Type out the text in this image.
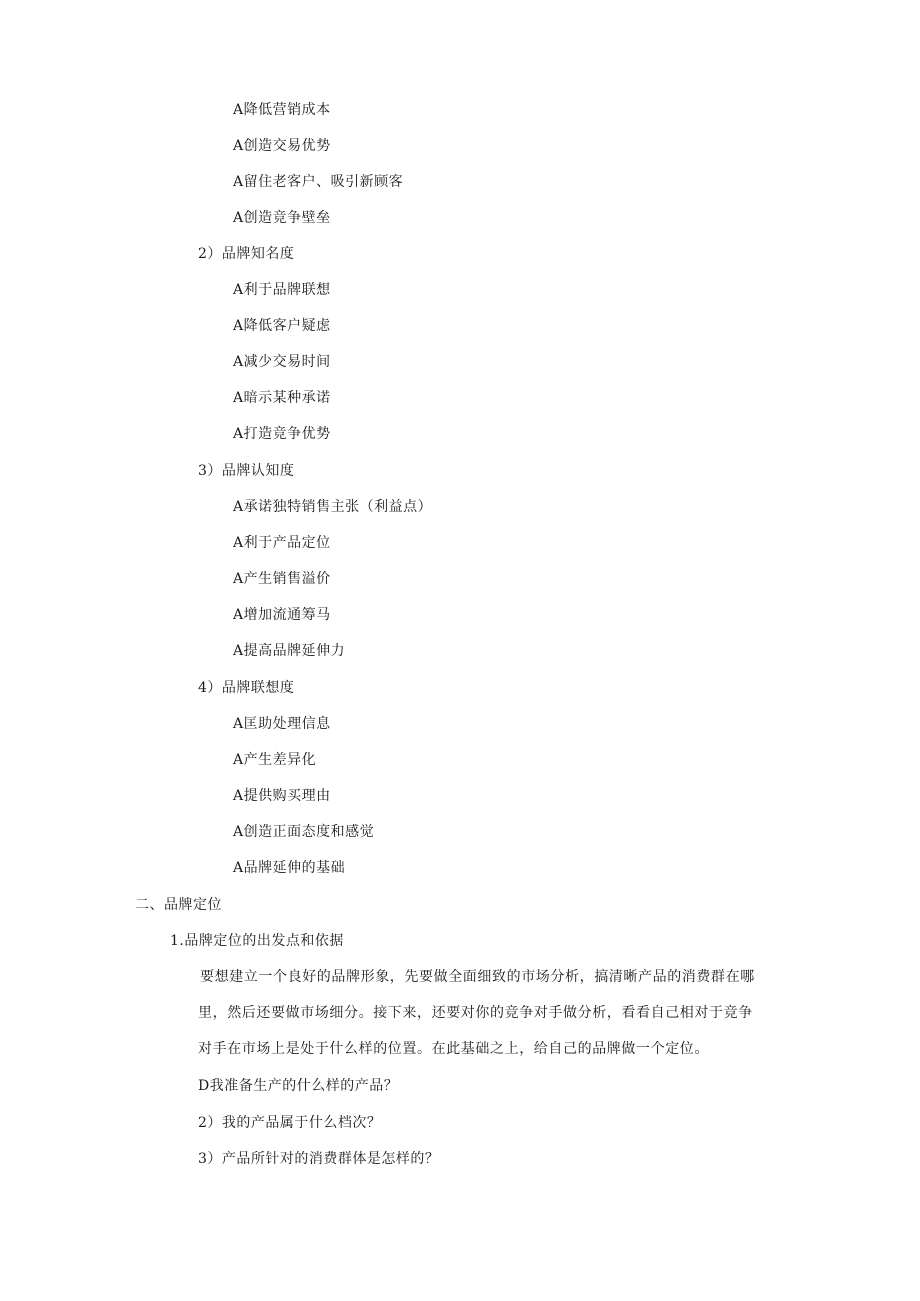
A降低营销成本
A创造交易优势
A留住老客户、吸引新顾客
A创造竞争壁垒
2）品牌知名度
A利于品牌联想
A降低客户疑虑
A减少交易时间
A暗示某种承诺
A打造竞争优势
3）品牌认知度
A承诺独特销售主张（利益点）
A利于产品定位
A产生销售溢价
A增加流通筹马
A提高品牌延伸力
4）品牌联想度
A匡助处理信息
A产生差异化
A提供购买理由
A创造正面态度和感觉
A品牌延伸的基础
二、品牌定位
1.品牌定位的出发点和依据
要想建立一个良好的品牌形象，先要做全面细致的市场分析，搞清晰产品的消费群在哪
里，然后还要做市场细分。接下来，还要对你的竞争对手做分析，看看自己相对于竞争
对手在市场上是处于什么样的位置。在此基础之上，给自己的品牌做一个定位。
D我准备生产的什么样的产品？
2）我的产品属于什么档次？
3）产品所针对的消费群体是怎样的？
